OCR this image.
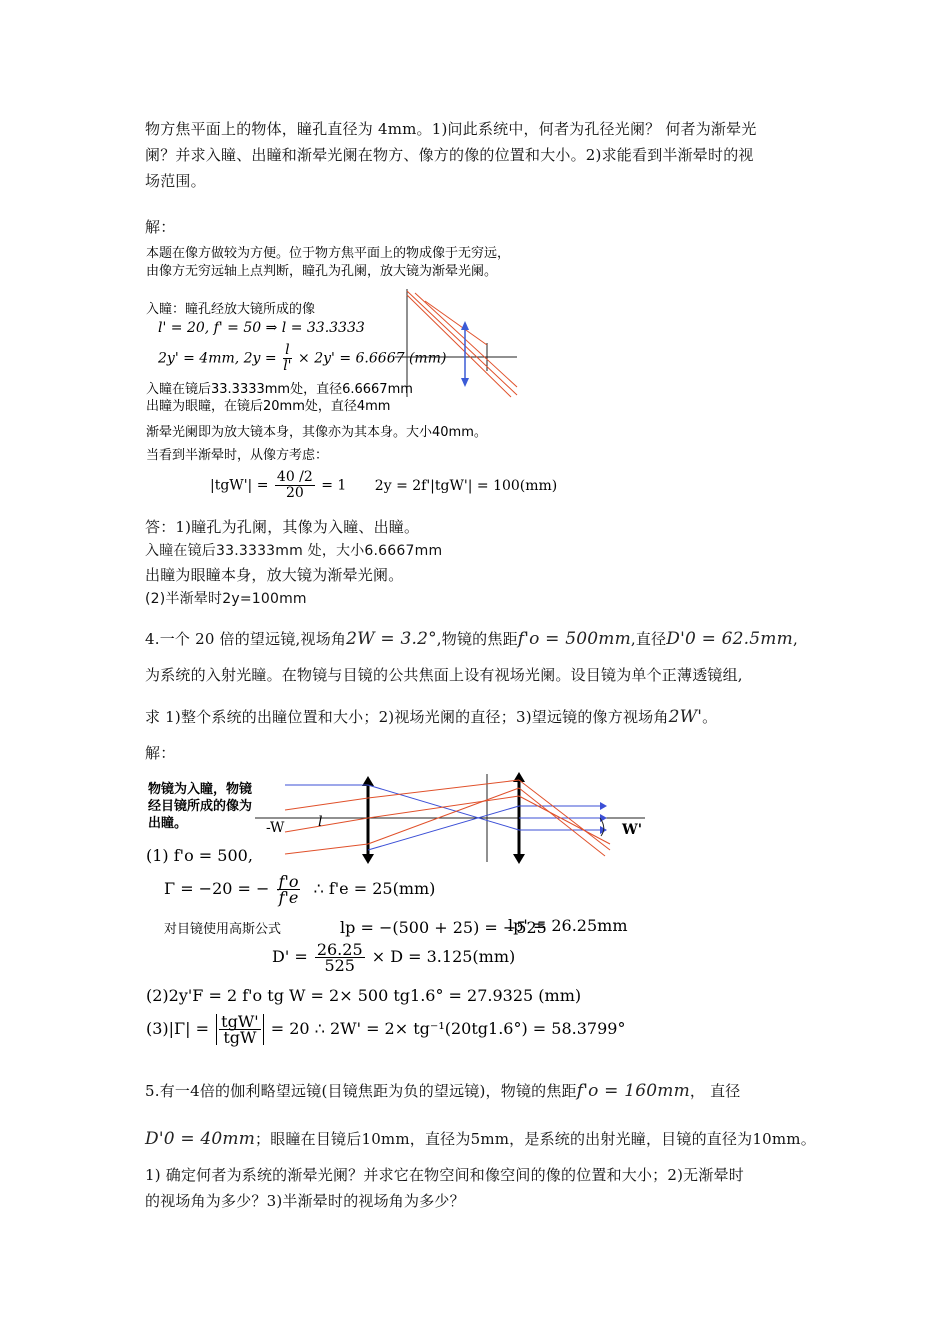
物方焦平面上的物体，瞳孔直径为 4mm。1)问此系统中，何者为孔径光阑？ 何者为渐晕光
阑？并求入瞳、出瞳和渐晕光阑在物方、像方的像的位置和大小。2)求能看到半渐晕时的视
场范围。
解：
本题在像方做较为方便。位于物方焦平面上的物成像于无穷远，
由像方无穷远轴上点判断，瞳孔为孔阑，放大镜为渐晕光阑。
入瞳：瞳孔经放大镜所成的像
l' = 20, f' = 50 ⇒ l = 33.3333
2y' = 4mm, $2y = \frac{l}{l'} \times 2y' = 6.6667$ (mm)
入瞳在镜后33.3333mm处，直径6.6667mm
出瞳为眼瞳，在镜后20mm处，直径4mm
渐晕光阑即为放大镜本身，其像亦为其本身。大小40mm。
当看到半渐晕时，从像方考虑：
$|tgW'| = \frac{40 /2}{20} = 1$ 2y = 2f'|tgW'| = 100(mm)
答：1)瞳孔为孔阑，其像为入瞳、出瞳。
入瞳在镜后33.3333mm 处，大小6.6667mm
出瞳为眼瞳本身，放大镜为渐晕光阑。
(2)半渐晕时2y=100mm
4.一个 20 倍的望远镜,视场角2W = 3.2°,物镜的焦距f'o = 500mm,直径D'0 = 62.5mm,
为系统的入射光瞳。在物镜与目镜的公共焦面上设有视场光阑。设目镜为单个正薄透镜组,
求 1)整个系统的出瞳位置和大小；2)视场光阑的直径；3)望远镜的像方视场角2W'。
解：
物镜为入瞳，物镜
经目镜所成的像为
出瞳。	-W l	W'
(1) f'o = 500,
Γ = −20 = − $\frac{f'o}{f'e}$ ∴ f'e = 25(mm)
对目镜使用高斯公式	lp = −(500 + 25) = −525
lp' = 26.25mm
$D' = \frac{26.25}{525} \times D = 3.125(mm)$
(2)2y'F = 2 f'o tg W = 2× 500 tg1.6° = 27.9325 (mm)
$(3)|\Gamma| = \frac{\text{tgW'}}{\text{tgW}} = 20$ ∴ 2W' = 2× tg⁻¹(20tg1.6°) = 58.3799°
5.有一4倍的伽利略望远镜(目镜焦距为负的望远镜)，物镜的焦距f'o = 160mm， 直径
D'0 = 40mm；眼瞳在目镜后10mm，直径为5mm，是系统的出射光瞳，目镜的直径为10mm。
1) 确定何者为系统的渐晕光阑？并求它在物空间和像空间的像的位置和大小；2)无渐晕时
的视场角为多少？3)半渐晕时的视场角为多少？
